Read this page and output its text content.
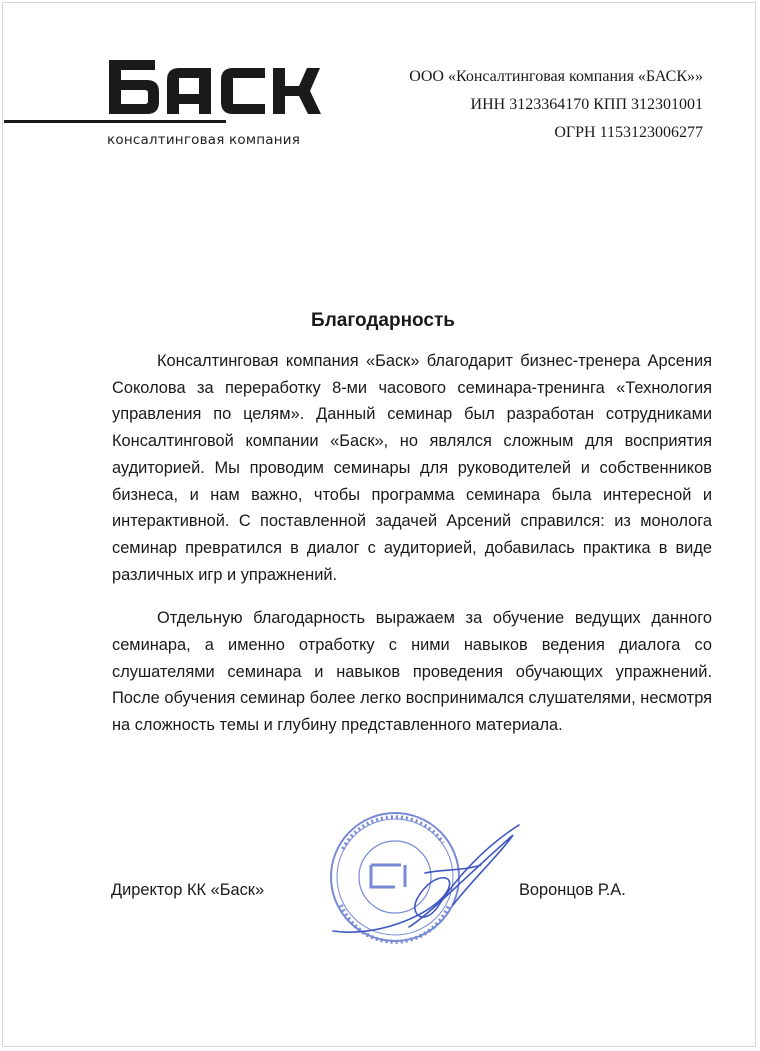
консалтинговая компания
ООО «Консалтинговая компания «БАСК»»
ИНН 3123364170 КПП 312301001
ОГРН 1153123006277
Благодарность

Консалтинговая компания «Баск» благодарит бизнес-тренера Арсения Соколова за переработку 8-ми часового семинара-тренинга «Технология управления по целям». Данный семинар был разработан сотрудниками Консалтинговой компании «Баск», но являлся сложным для восприятия аудиторией. Мы проводим семинары для руководителей и собственников бизнеса, и нам важно, чтобы программа семинара была интересной и интерактивной. С поставленной задачей Арсений справился: из монолога семинар превратился в диалог с аудиторией, добавилась практика в виде различных игр и упражнений.

Отдельную благодарность выражаем за обучение ведущих данного семинара, а именно отработку с ними навыков ведения диалога со слушателями семинара и навыков проведения обучающих упражнений. После обучения семинар более легко воспринимался слушателями, несмотря на сложность темы и глубину представленного материала.

Директор КК «Баск»	Воронцов Р.А.
